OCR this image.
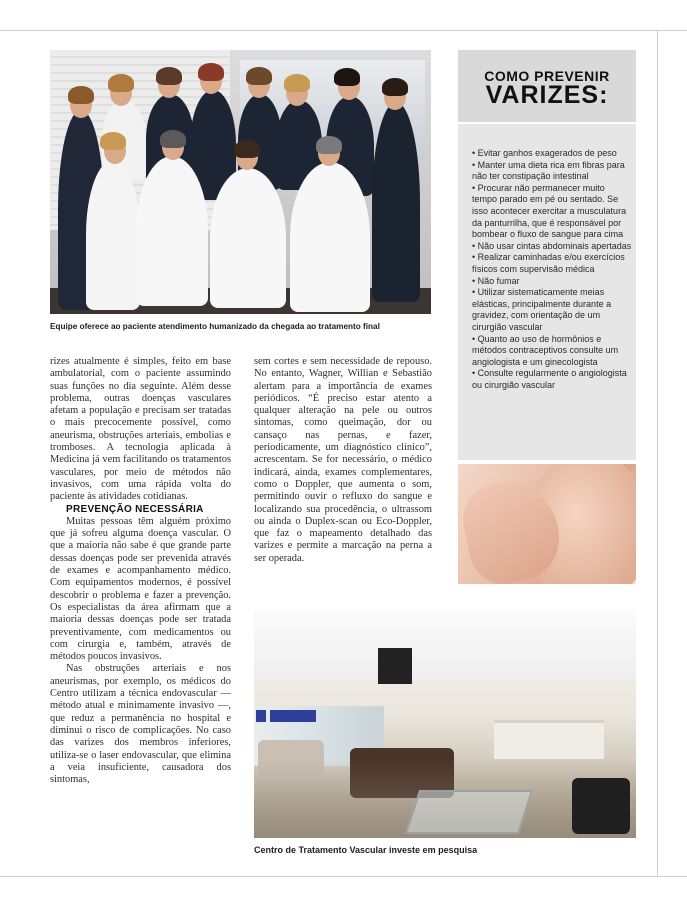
Equipe oferece ao paciente atendimento humanizado da chegada ao tratamento final
COMO PREVENIR
VARIZES:
• Evitar ganhos exagerados de peso
• Manter uma dieta rica em fibras para não ter constipação intestinal
• Procurar não permanecer muito tempo parado em pé ou sentado. Se isso acontecer exercitar a musculatura da panturrilha, que é responsável por bombear o fluxo de sangue para cima
• Não usar cintas abdominais apertadas
• Realizar caminhadas e/ou exercícios físicos com supervisão médica
• Não fumar
• Utilizar sistematicamente meias elásticas, principalmente durante a gravidez, com orientação de um cirurgião vascular
• Quanto ao uso de hormônios e métodos contraceptivos consulte um angiologista e um ginecologista
• Consulte regularmente o angiologista ou cirurgião vascular

rizes atualmente é simples, feito em base ambulatorial, com o paciente assumindo suas funções no dia seguinte. Além desse problema, outras doenças vasculares afetam a população e precisam ser tratadas o mais precocemente possível, como aneurisma, obstruções arteriais, embolias e tromboses. A tecnologia aplicada à Medicina já vem facilitando os tratamentos vasculares, por meio de métodos não invasivos, com uma rápida volta do paciente às atividades cotidianas.

PREVENÇÃO NECESSÁRIA

Muitas pessoas têm alguém próximo que já sofreu alguma doença vascular. O que a maioria não sabe é que grande parte dessas doenças pode ser prevenida através de exames e acompanhamento médico. Com equipamentos modernos, é possível descobrir o problema e fazer a prevenção. Os especialistas da área afirmam que a maioria dessas doenças pode ser tratada preventivamente, com medicamentos ou com cirurgia e, também, através de métodos poucos invasivos.

Nas obstruções arteriais e nos aneurismas, por exemplo, os médicos do Centro utilizam a técnica endovascular — método atual e minimamente invasivo —, que reduz a permanência no hospital e diminui o risco de complicações. No caso das varizes dos membros inferiores, utiliza-se o laser endovascular, que elimina a veia insuficiente, causadora dos sintomas,

sem cortes e sem necessidade de repouso. No entanto, Wagner, Willian e Sebastião alertam para a importância de exames periódicos. “É preciso estar atento a qualquer alteração na pele ou outros sintomas, como queimação, dor ou cansaço nas pernas, e fazer, periodicamente, um diagnóstico clínico”, acrescentam. Se for necessário, o médico indicará, ainda, exames complementares, como o Doppler, que aumenta o som, permitindo ouvir o refluxo do sangue e localizando sua procedência, o ultrassom ou ainda o Duplex-scan ou Eco-Doppler, que faz o mapeamento detalhado das varizes e permite a marcação na perna a ser operada.

Centro de Tratamento Vascular investe em pesquisa
